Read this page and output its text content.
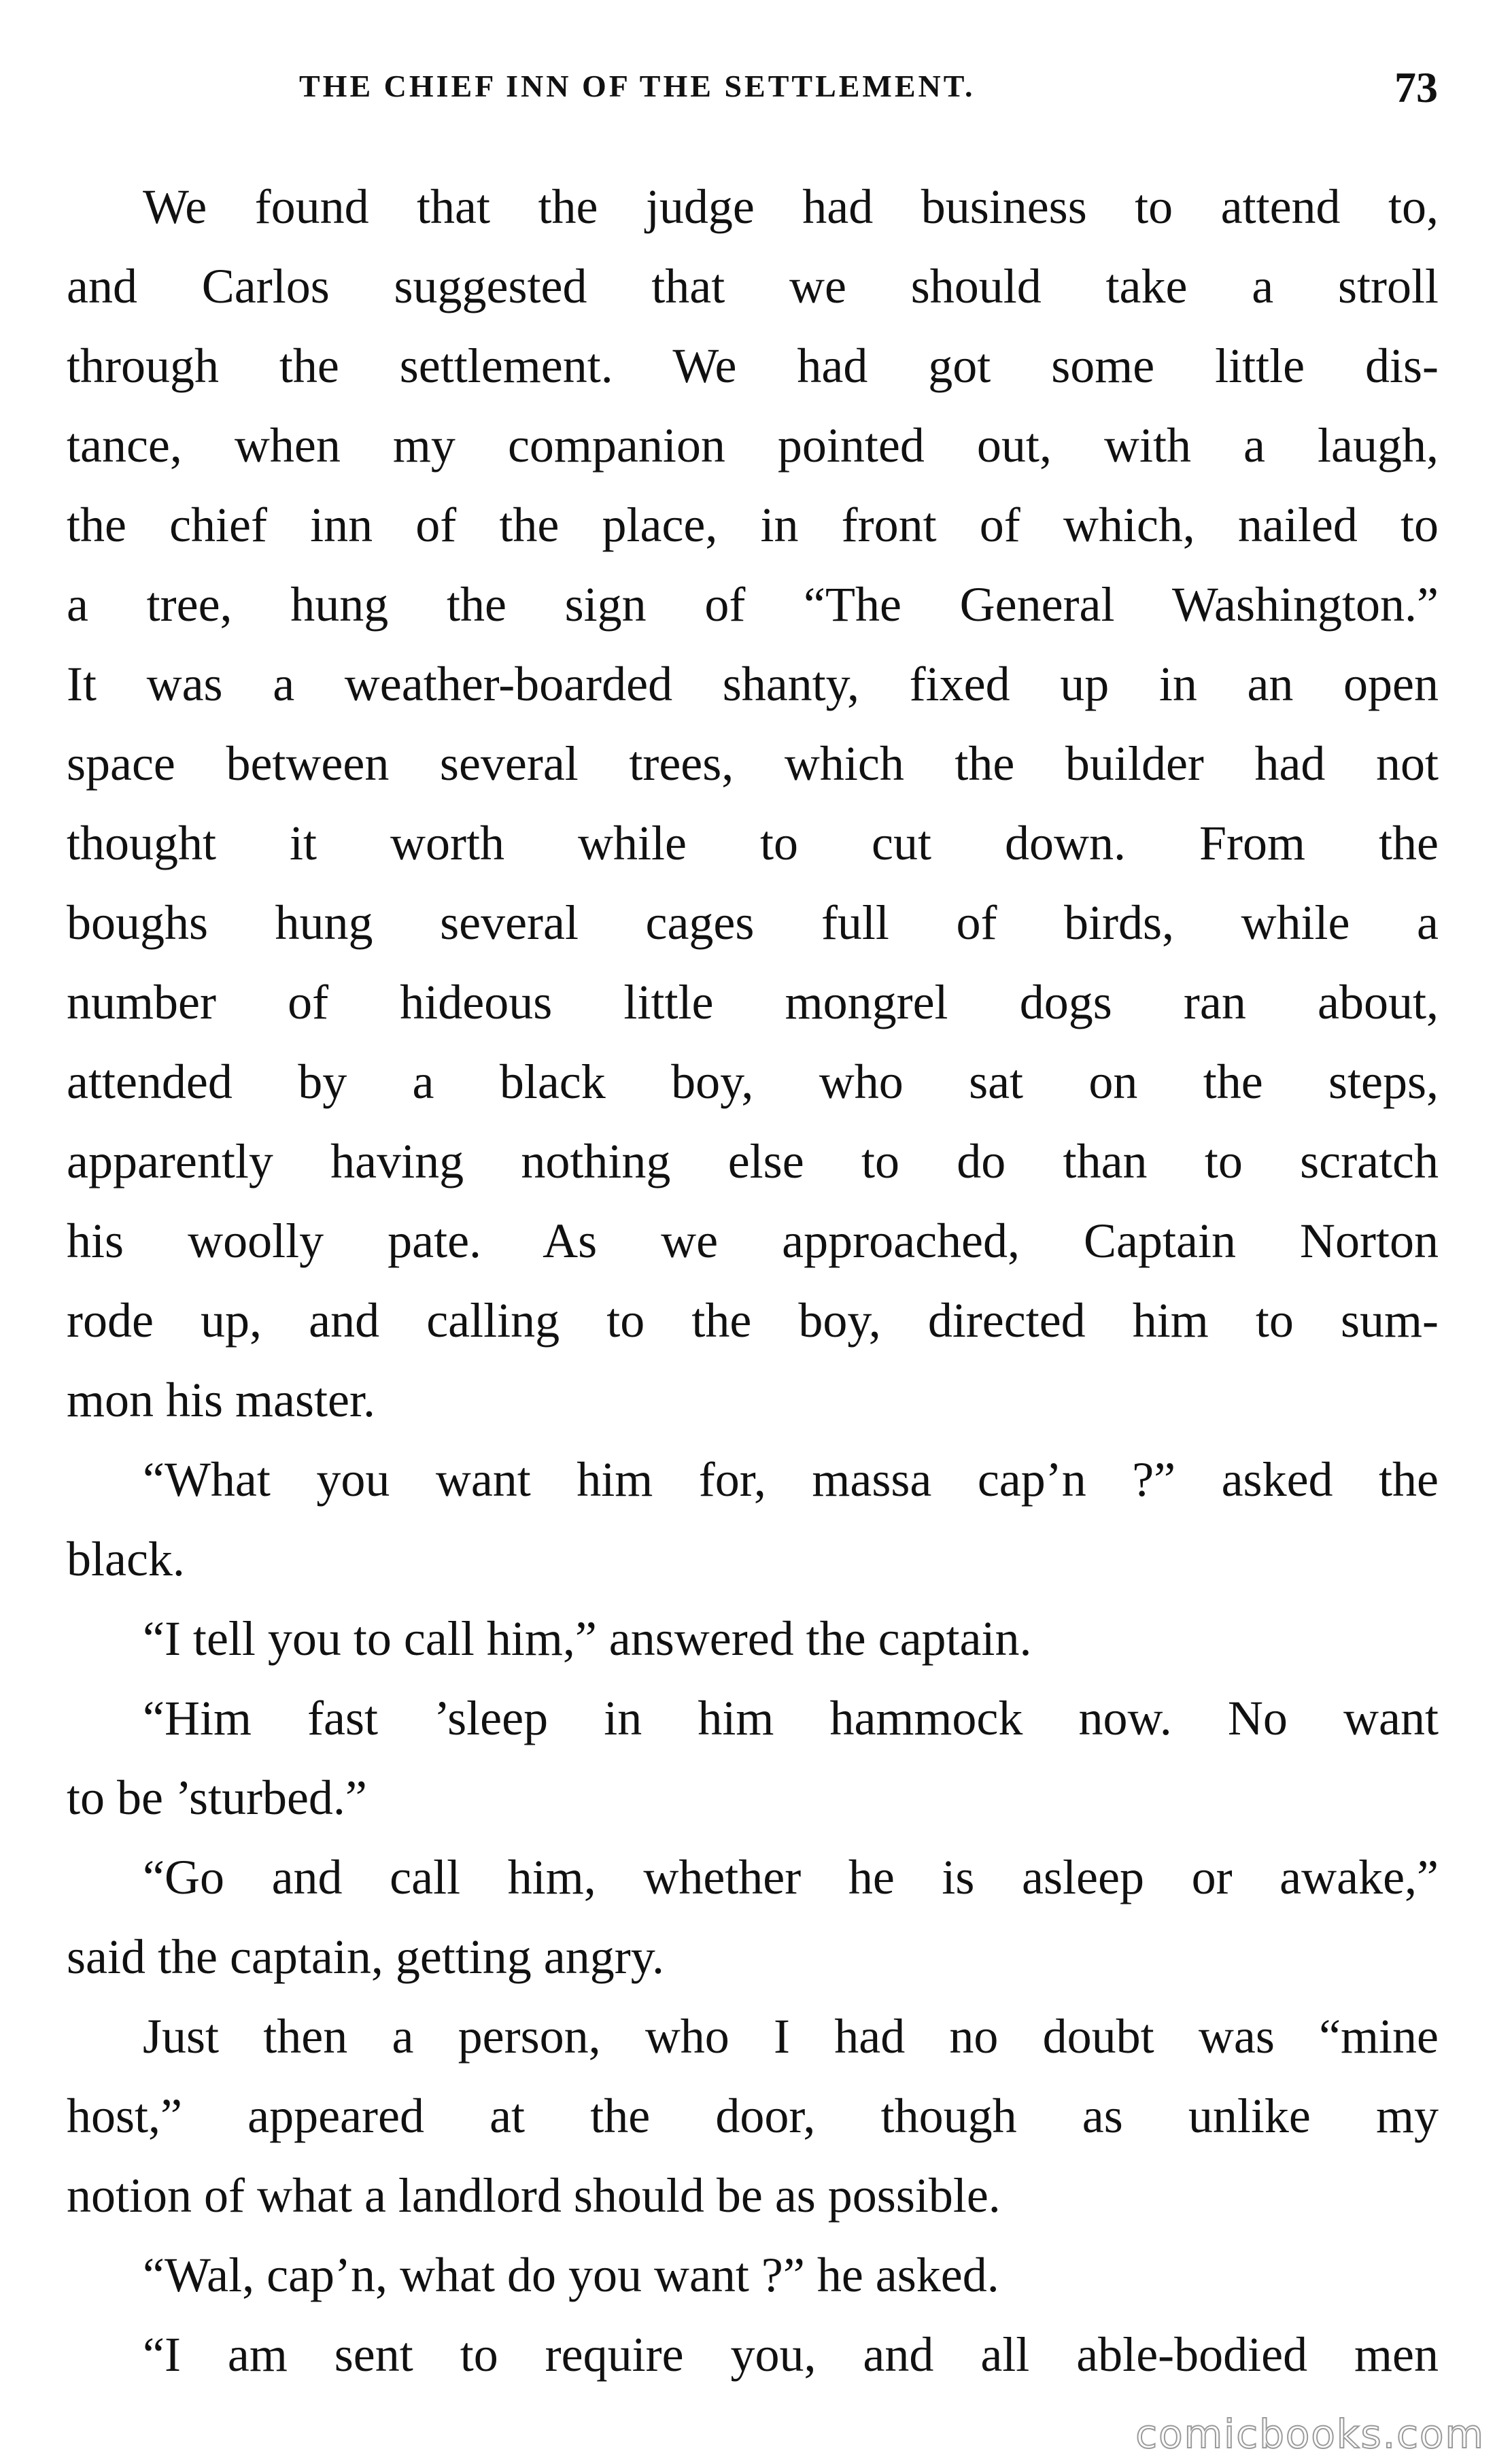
THE CHIEF INN OF THE SETTLEMENT.	73
We found that the judge had business to attend to,
and Carlos suggested that we should take a stroll
through the settlement. We had got some little dis-
tance, when my companion pointed out, with a laugh,
the chief inn of the place, in front of which, nailed to
a tree, hung the sign of “The General Washington.”
It was a weather-boarded shanty, fixed up in an open
space between several trees, which the builder had not
thought it worth while to cut down. From the
boughs hung several cages full of birds, while a
number of hideous little mongrel dogs ran about,
attended by a black boy, who sat on the steps,
apparently having nothing else to do than to scratch
his woolly pate. As we approached, Captain Norton
rode up, and calling to the boy, directed him to sum-
mon his master.
“What you want him for, massa cap’n ?” asked the
black.
“I tell you to call him,” answered the captain.
“Him fast ’sleep in him hammock now. No want
to be ’sturbed.”
“Go and call him, whether he is asleep or awake,”
said the captain, getting angry.
Just then a person, who I had no doubt was “mine
host,” appeared at the door, though as unlike my
notion of what a landlord should be as possible.
“Wal, cap’n, what do you want ?” he asked.
“I am sent to require you, and all able-bodied men
comicbooks.com
